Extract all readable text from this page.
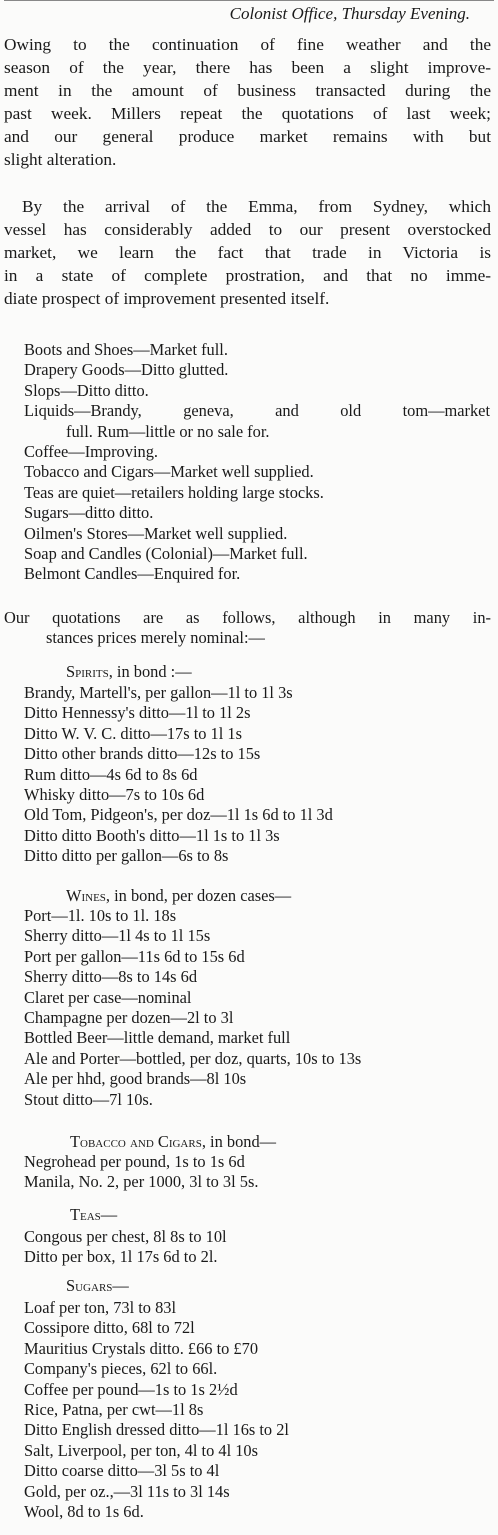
Colonist Office, Thursday Evening.
Owing to the continuation of fine weather and the
season of the year, there has been a slight improve-
ment in the amount of business transacted during the
past week. Millers repeat the quotations of last week;
and our general produce market remains with but
slight alteration.
By the arrival of the Emma, from Sydney, which
vessel has considerably added to our present overstocked
market, we learn the fact that trade in Victoria is
in a state of complete prostration, and that no imme-
diate prospect of improvement presented itself.
Boots and Shoes—Market full.
Drapery Goods—Ditto glutted.
Slops—Ditto ditto.
Liquids—Brandy, geneva, and old tom—market
full. Rum—little or no sale for.
Coffee—Improving.
Tobacco and Cigars—Market well supplied.
Teas are quiet—retailers holding large stocks.
Sugars—ditto ditto.
Oilmen's Stores—Market well supplied.
Soap and Candles (Colonial)—Market full.
Belmont Candles—Enquired for.
Our quotations are as follows, although in many in-
stances prices merely nominal:—
Spirits, in bond :—
Brandy, Martell's, per gallon—1l to 1l 3s
Ditto Hennessy's ditto—1l to 1l 2s
Ditto W. V. C. ditto—17s to 1l 1s
Ditto other brands ditto—12s to 15s
Rum ditto—4s 6d to 8s 6d
Whisky ditto—7s to 10s 6d
Old Tom, Pidgeon's, per doz—1l 1s 6d to 1l 3d
Ditto ditto Booth's ditto—1l 1s to 1l 3s
Ditto ditto per gallon—6s to 8s
Wines, in bond, per dozen cases—
Port—1l. 10s to 1l. 18s
Sherry ditto—1l 4s to 1l 15s
Port per gallon—11s 6d to 15s 6d
Sherry ditto—8s to 14s 6d
Claret per case—nominal
Champagne per dozen—2l to 3l
Bottled Beer—little demand, market full
Ale and Porter—bottled, per doz, quarts, 10s to 13s
Ale per hhd, good brands—8l 10s
Stout ditto—7l 10s.
Tobacco and Cigars, in bond—
Negrohead per pound, 1s to 1s 6d
Manila, No. 2, per 1000, 3l to 3l 5s.
Teas—
Congous per chest, 8l 8s to 10l
Ditto per box, 1l 17s 6d to 2l.
Sugars—
Loaf per ton, 73l to 83l
Cossipore ditto, 68l to 72l
Mauritius Crystals ditto. £66 to £70
Company's pieces, 62l to 66l.
Coffee per pound—1s to 1s 2½d
Rice, Patna, per cwt—1l 8s
Ditto English dressed ditto—1l 16s to 2l
Salt, Liverpool, per ton, 4l to 4l 10s
Ditto coarse ditto—3l 5s to 4l
Gold, per oz.,—3l 11s to 3l 14s
Wool, 8d to 1s 6d.
